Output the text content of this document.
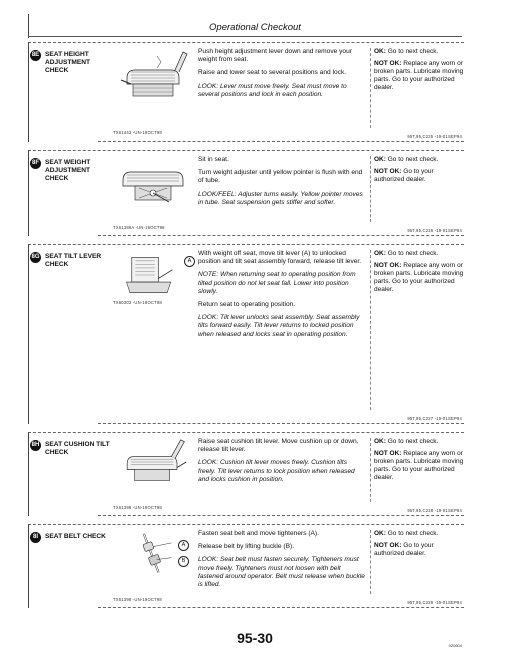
Operational Checkout
8E SEAT HEIGHT ADJUSTMENT CHECK
TX61443 -UN-19OCT98

Push height adjustment lever down and remove your weight from seat.

Raise and lower seat to several positions and lock.

LOOK: Lever must move freely. Seat must move to several positions and lock in each position.

OK: Go to next check.

NOT OK: Replace any worn or broken parts. Lubricate moving parts. Go to your authorized dealer.

95T,95,C225 -19-01SEP94
8F SEAT WEIGHT ADJUSTMENT CHECK
TX61386A -UN-19OCT98

Sit in seat.

Turn weight adjuster until yellow pointer is flush with end of tube.

LOOK/FEEL: Adjuster turns easily. Yellow pointer moves in tube. Seat suspension gets stiffer and softer.

OK: Go to next check.

NOT OK: Go to your authorized dealer.

95T,95,C226 -19-01SEP94
8G SEAT TILT LEVER CHECK	A
TX60303 -UN-19OCT98

With weight off seat, move tilt lever (A) to unlocked position and tilt seat assembly forward, release tilt lever.

NOTE: When returning seat to operating position from tilted position do not let seat fall. Lower into position slowly.

Return seat to operating position.

LOOK: Tilt lever unlocks seat assembly. Seat assembly tilts forward easily. Tilt lever returns to locked position when released and locks seat in operating position.

OK: Go to next check.

NOT OK: Replace any worn or broken parts. Lubricate moving parts. Go to your authorized dealer.

95T,95,C227 -19-01SEP94
8H SEAT CUSHION TILT CHECK
TX61396 -UN-19OCT98

Raise seat cushion tilt lever. Move cushion up or down, release tilt lever.

LOOK: Cushion tilt lever moves freely. Cushion tilts freely. Tilt lever returns to lock position when released and locks cushion in position.

OK: Go to next check.

NOT OK: Replace any worn or broken parts. Lubricate moving parts. Go to your authorized dealer.

95T,95,C228 -19-01SEP94
8I	SEAT BELT CHECK
A
B
TX61398 -UN-19OCT98

Fasten seat belt and move tighteners (A).

Release belt by lifting buckle (B).

LOOK: Seat belt must fasten securely. Tighteners must move freely. Tighteners must not loosen with belt fastened around operator. Belt must release when buckle is lifted.

OK: Go to next check.

NOT OK: Go to your authorized dealer.

95T,95,C229 -19-01SEP94
95-30	020604
